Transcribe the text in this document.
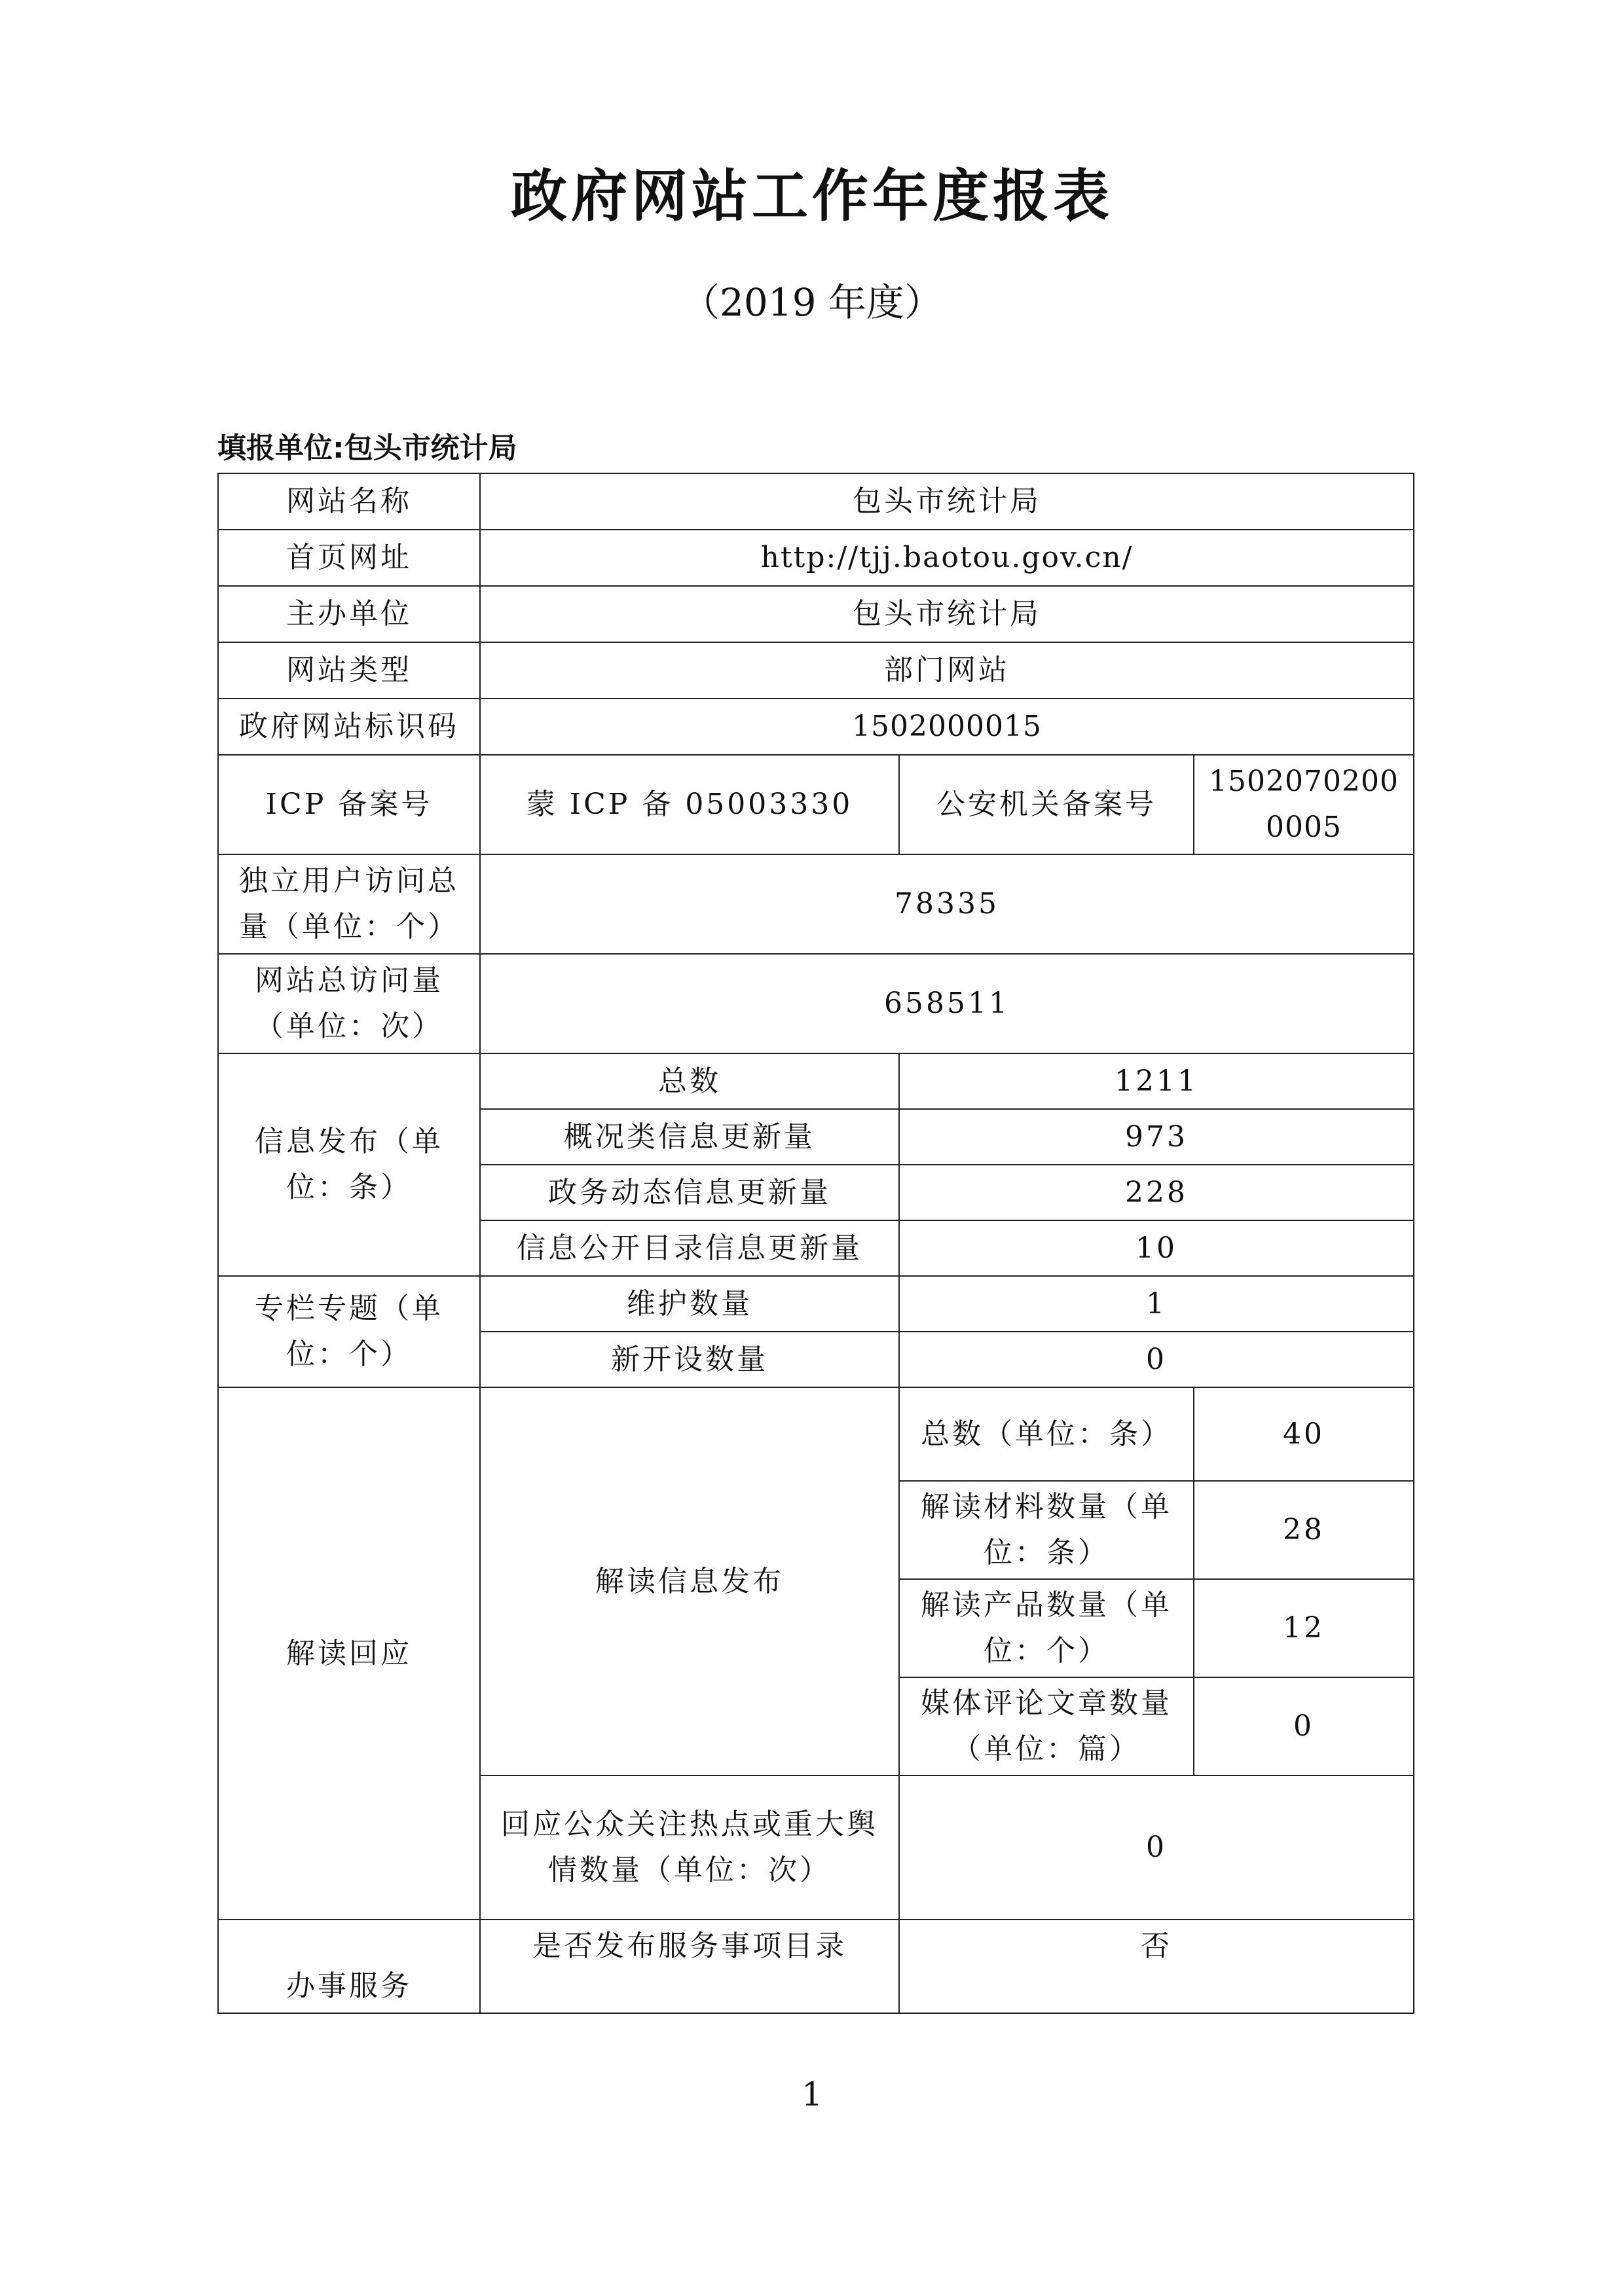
政府网站工作年度报表
（2019 年度）
填报单位:包头市统计局
网站名称	包头市统计局		
首页网址	http://tjj.baotou.gov.cn/		
主办单位	包头市统计局		
网站类型	部门网站		
政府网站标识码	1502000015		
ICP 备案号	蒙 ICP 备 05003330	公安机关备案号	15020702000005
独立用户访问总量（单位：个）	78335		
网站总访问量（单位：次）	658511		
信息发布（单位：条）	总数	1211	
	概况类信息更新量	973	
	政务动态信息更新量	228	
	信息公开目录信息更新量	10	
专栏专题（单位：个）	维护数量	1	
	新开设数量	0	
解读回应	解读信息发布	总数（单位：条）	40
		解读材料数量（单位：条）	28
		解读产品数量（单位：个）	12
		媒体评论文章数量（单位：篇）	0
	回应公众关注热点或重大舆情数量（单位：次）	0	
办事服务	是否发布服务事项目录	否	
1
